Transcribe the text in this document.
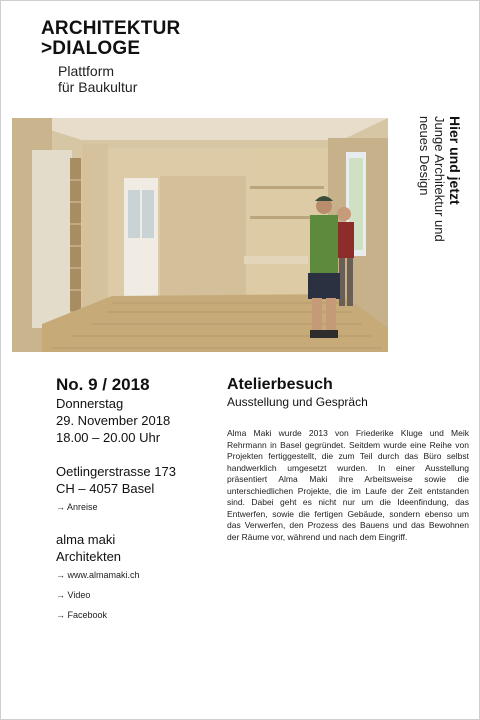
ARCHITEKTUR
>DIALOGE
Plattform
für Baukultur
Hier und jetzt
Junge Architektur und
neues Design
No. 9 / 2018
Donnerstag
29. November 2018
18.00 – 20.00 Uhr
Oetlingerstrasse 173
CH – 4057 Basel
→ Anreise
alma maki
Architekten
→ www.almamaki.ch
→ Video
→ Facebook
Atelierbesuch
Ausstellung und Gespräch
Alma Maki wurde 2013 von Friederike Kluge und Meik Rehrmann in Basel gegründet. Seitdem wurde eine Reihe von Projekten fertiggestellt, die zum Teil durch das Büro selbst handwerklich umgesetzt wurden. In einer Ausstellung präsentiert Alma Maki ihre Arbeitsweise sowie die unterschiedlichen Projekte, die im Laufe der Zeit entstanden sind. Dabei geht es nicht nur um die Ideenfindung, das Entwerfen, sowie die fertigen Gebäude, sondern ebenso um das Verwerfen, den Prozess des Bauens und das Bewohnen der Räume vor, während und nach dem Eingriff.
